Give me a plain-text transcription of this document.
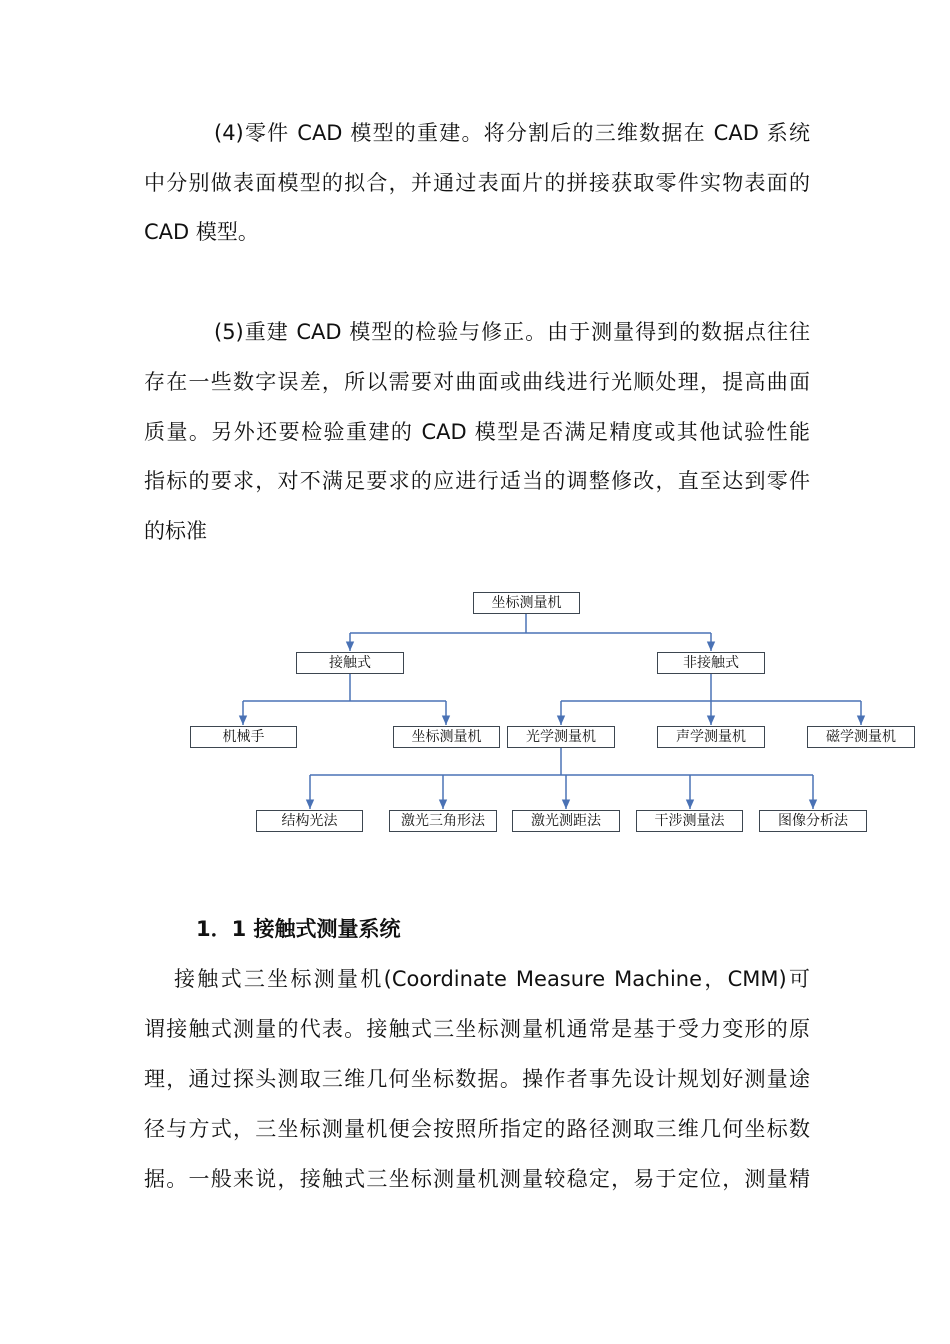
(4)零件 CAD 模型的重建。将分割后的三维数据在 CAD 系统
中分别做表面模型的拟合，并通过表面片的拼接获取零件实物表面的
CAD 模型。
(5)重建 CAD 模型的检验与修正。由于测量得到的数据点往往
存在一些数字误差，所以需要对曲面或曲线进行光顺处理，提高曲面
质量。另外还要检验重建的 CAD 模型是否满足精度或其他试验性能
指标的要求，对不满足要求的应进行适当的调整修改，直至达到零件
的标准
坐标测量机
接触式	非接触式
机械手	坐标测量机	光学测量机	声学测量机	磁学测量机
结构光法	激光三角形法	激光测距法	干涉测量法	图像分析法
1．1 接触式测量系统
接触式三坐标测量机(Coordinate Measure Machine，CMM)可
谓接触式测量的代表。接触式三坐标测量机通常是基于受力变形的原
理，通过探头测取三维几何坐标数据。操作者事先设计规划好测量途
径与方式，三坐标测量机便会按照所指定的路径测取三维几何坐标数
据。一般来说，接触式三坐标测量机测量较稳定，易于定位，测量精
